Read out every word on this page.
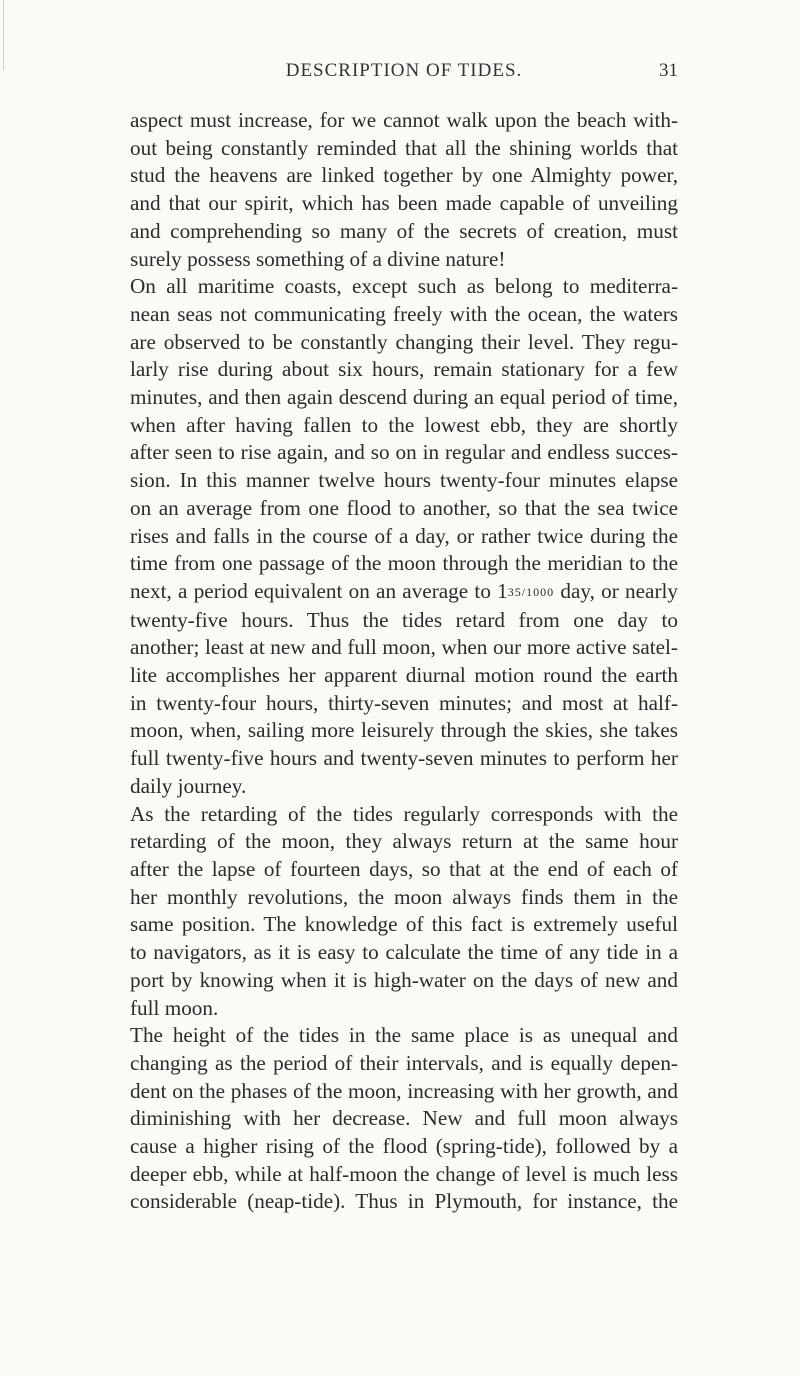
DESCRIPTION OF TIDES.	31
aspect must increase, for we cannot walk upon the beach with-
out being constantly reminded that all the shining worlds that
stud the heavens are linked together by one Almighty power,
and that our spirit, which has been made capable of unveiling
and comprehending so many of the secrets of creation, must
surely possess something of a divine nature!
On all maritime coasts, except such as belong to mediterra-
nean seas not communicating freely with the ocean, the waters
are observed to be constantly changing their level. They regu-
larly rise during about six hours, remain stationary for a few
minutes, and then again descend during an equal period of time,
when after having fallen to the lowest ebb, they are shortly
after seen to rise again, and so on in regular and endless succes-
sion. In this manner twelve hours twenty-four minutes elapse
on an average from one flood to another, so that the sea twice
rises and falls in the course of a day, or rather twice during the
time from one passage of the moon through the meridian to the
next, a period equivalent on an average to 135/1000 day, or nearly
twenty-five hours. Thus the tides retard from one day to
another; least at new and full moon, when our more active satel-
lite accomplishes her apparent diurnal motion round the earth
in twenty-four hours, thirty-seven minutes; and most at half-
moon, when, sailing more leisurely through the skies, she takes
full twenty-five hours and twenty-seven minutes to perform her
daily journey.
As the retarding of the tides regularly corresponds with the
retarding of the moon, they always return at the same hour
after the lapse of fourteen days, so that at the end of each of
her monthly revolutions, the moon always finds them in the
same position. The knowledge of this fact is extremely useful
to navigators, as it is easy to calculate the time of any tide in a
port by knowing when it is high-water on the days of new and
full moon.
The height of the tides in the same place is as unequal and
changing as the period of their intervals, and is equally depen-
dent on the phases of the moon, increasing with her growth, and
diminishing with her decrease. New and full moon always
cause a higher rising of the flood (spring-tide), followed by a
deeper ebb, while at half-moon the change of level is much less
considerable (neap-tide). Thus in Plymouth, for instance, the
